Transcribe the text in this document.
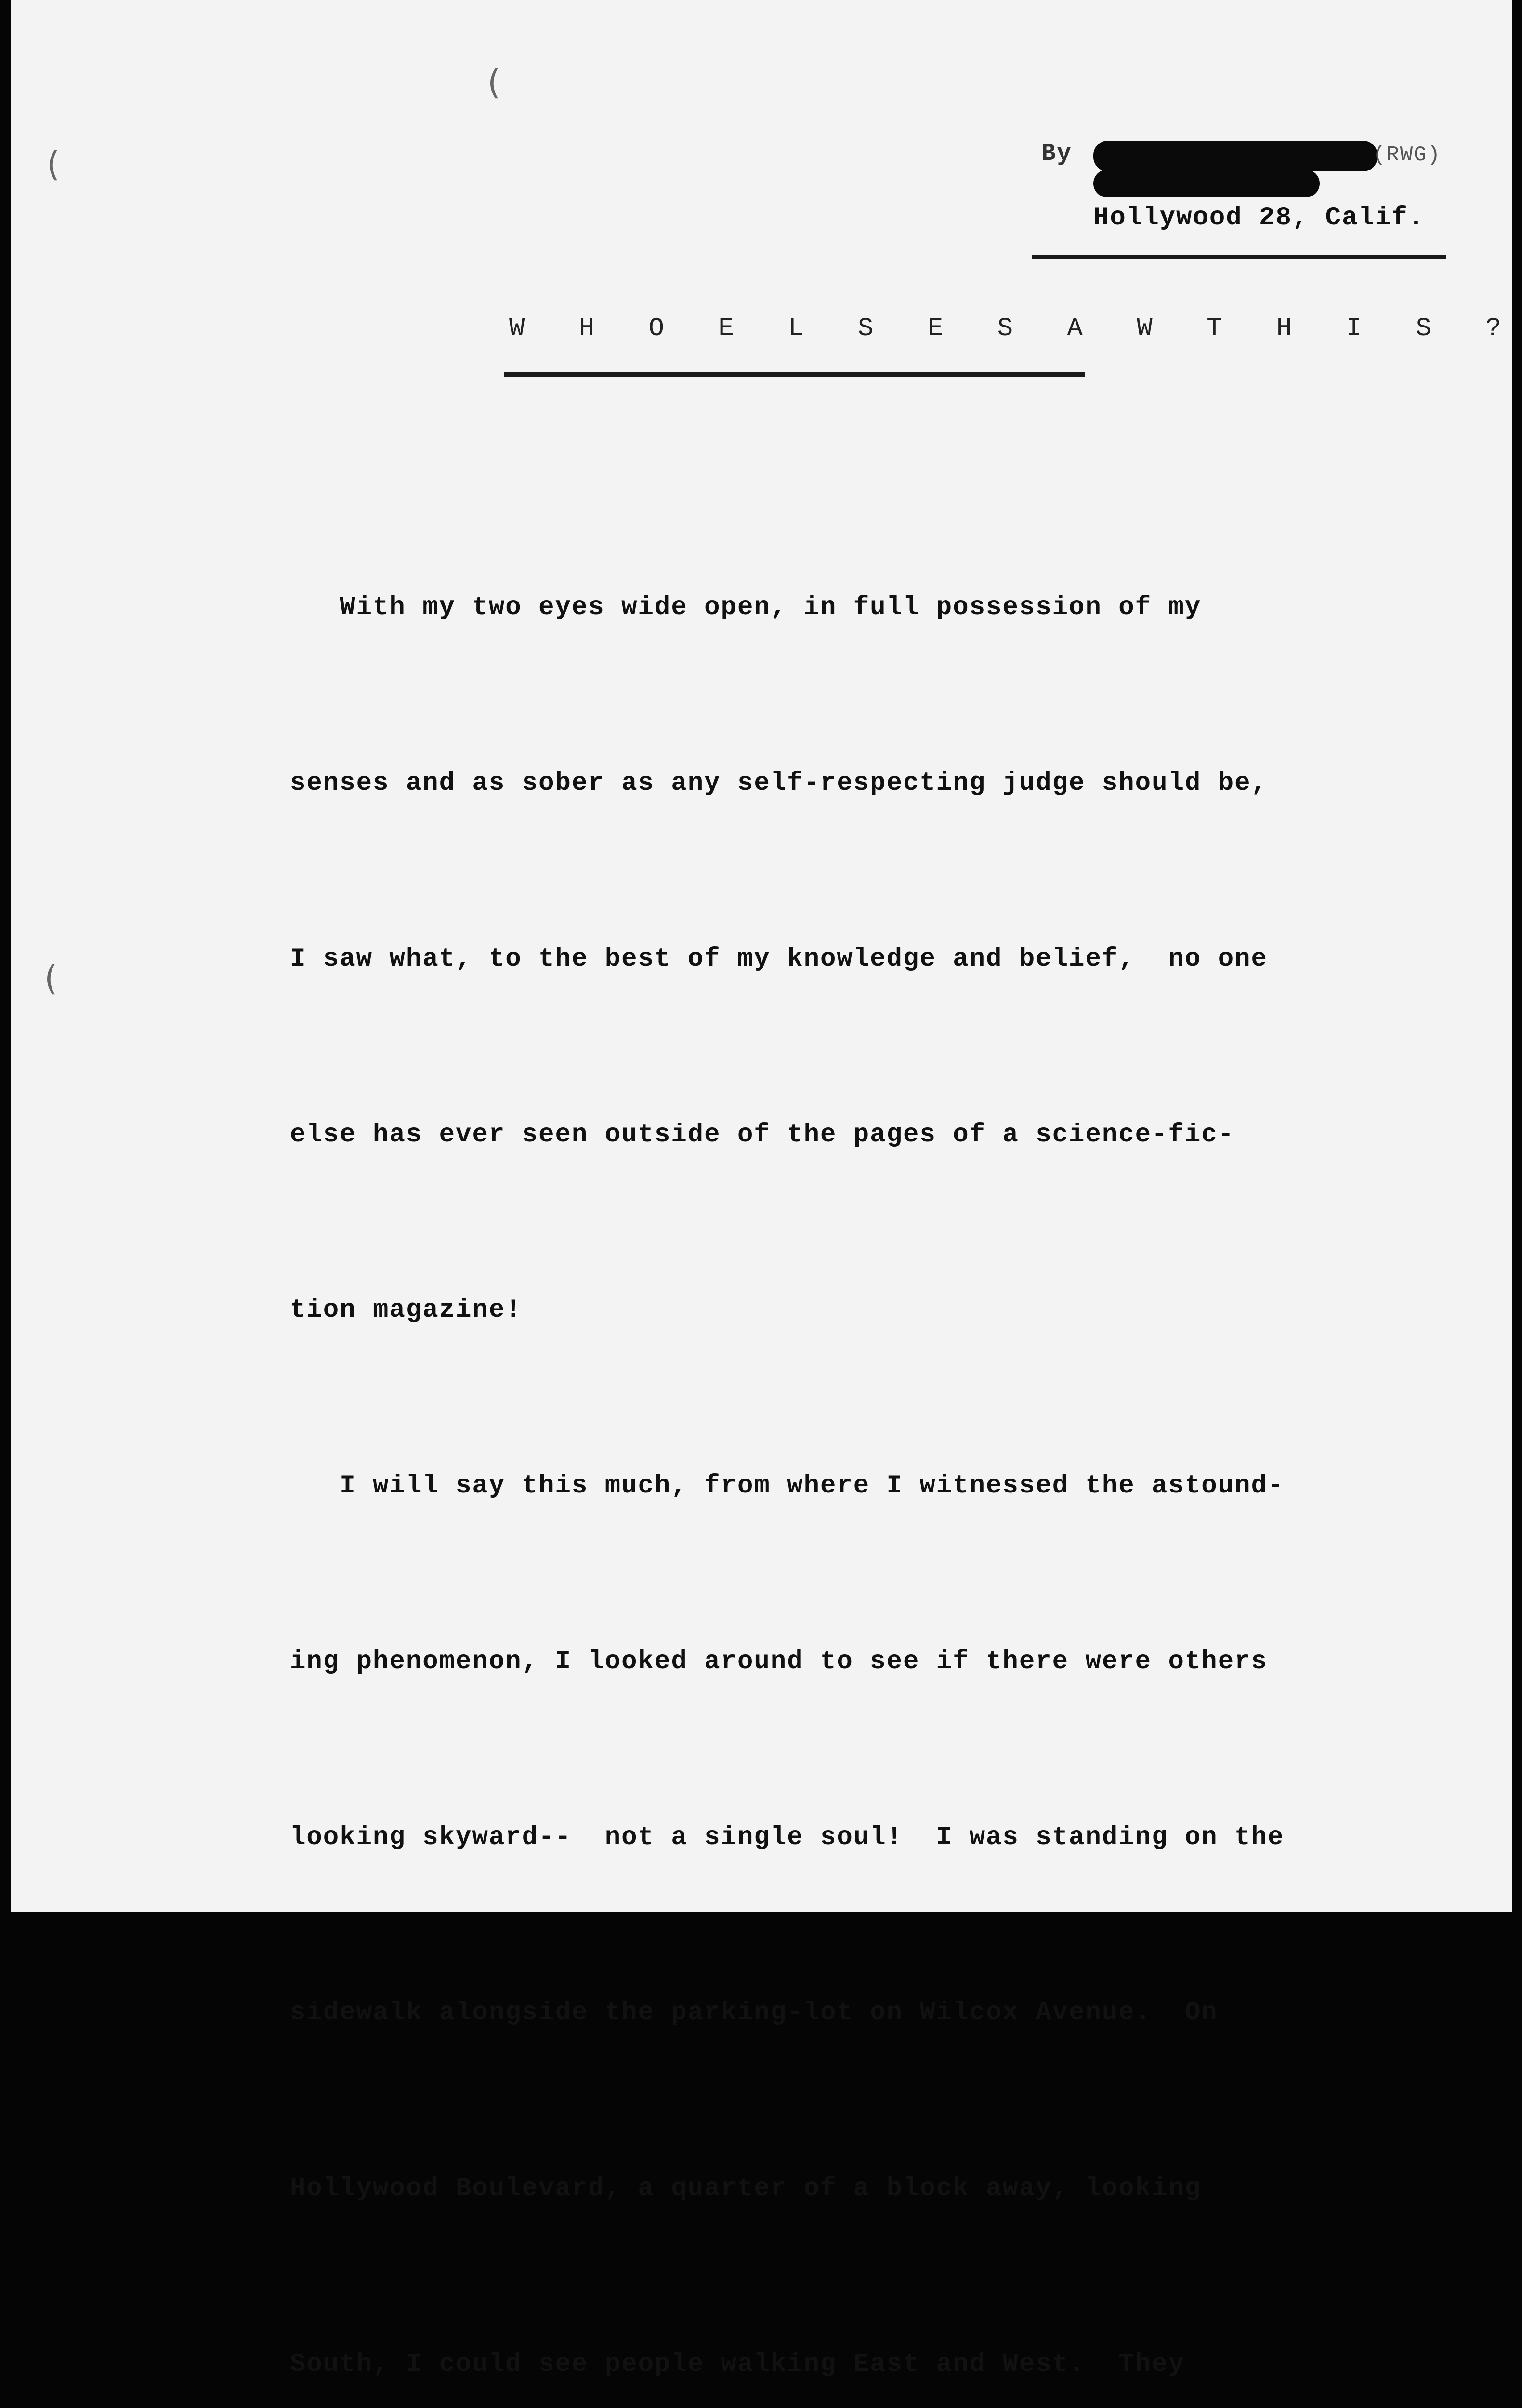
(
(
(
By	(RWG)
Hollywood 28, Calif.
W H O E L S E S A W T H I S ?

With my two eyes wide open, in full possession of my

senses and as sober as any self-respecting judge should be,

I saw what, to the best of my knowledge and belief,  no one

else has ever seen outside of the pages of a science-fic-

tion magazine!

I will say this much, from where I witnessed the astound-

ing phenomenon, I looked around to see if there were others

looking skyward--  not a single soul!  I was standing on the

sidewalk alongside the parking-lot on Wilcox Avenue.  On

Hollywood Boulevard, a quarter of a block away, looking

South, I could see people walking East and West.  They
